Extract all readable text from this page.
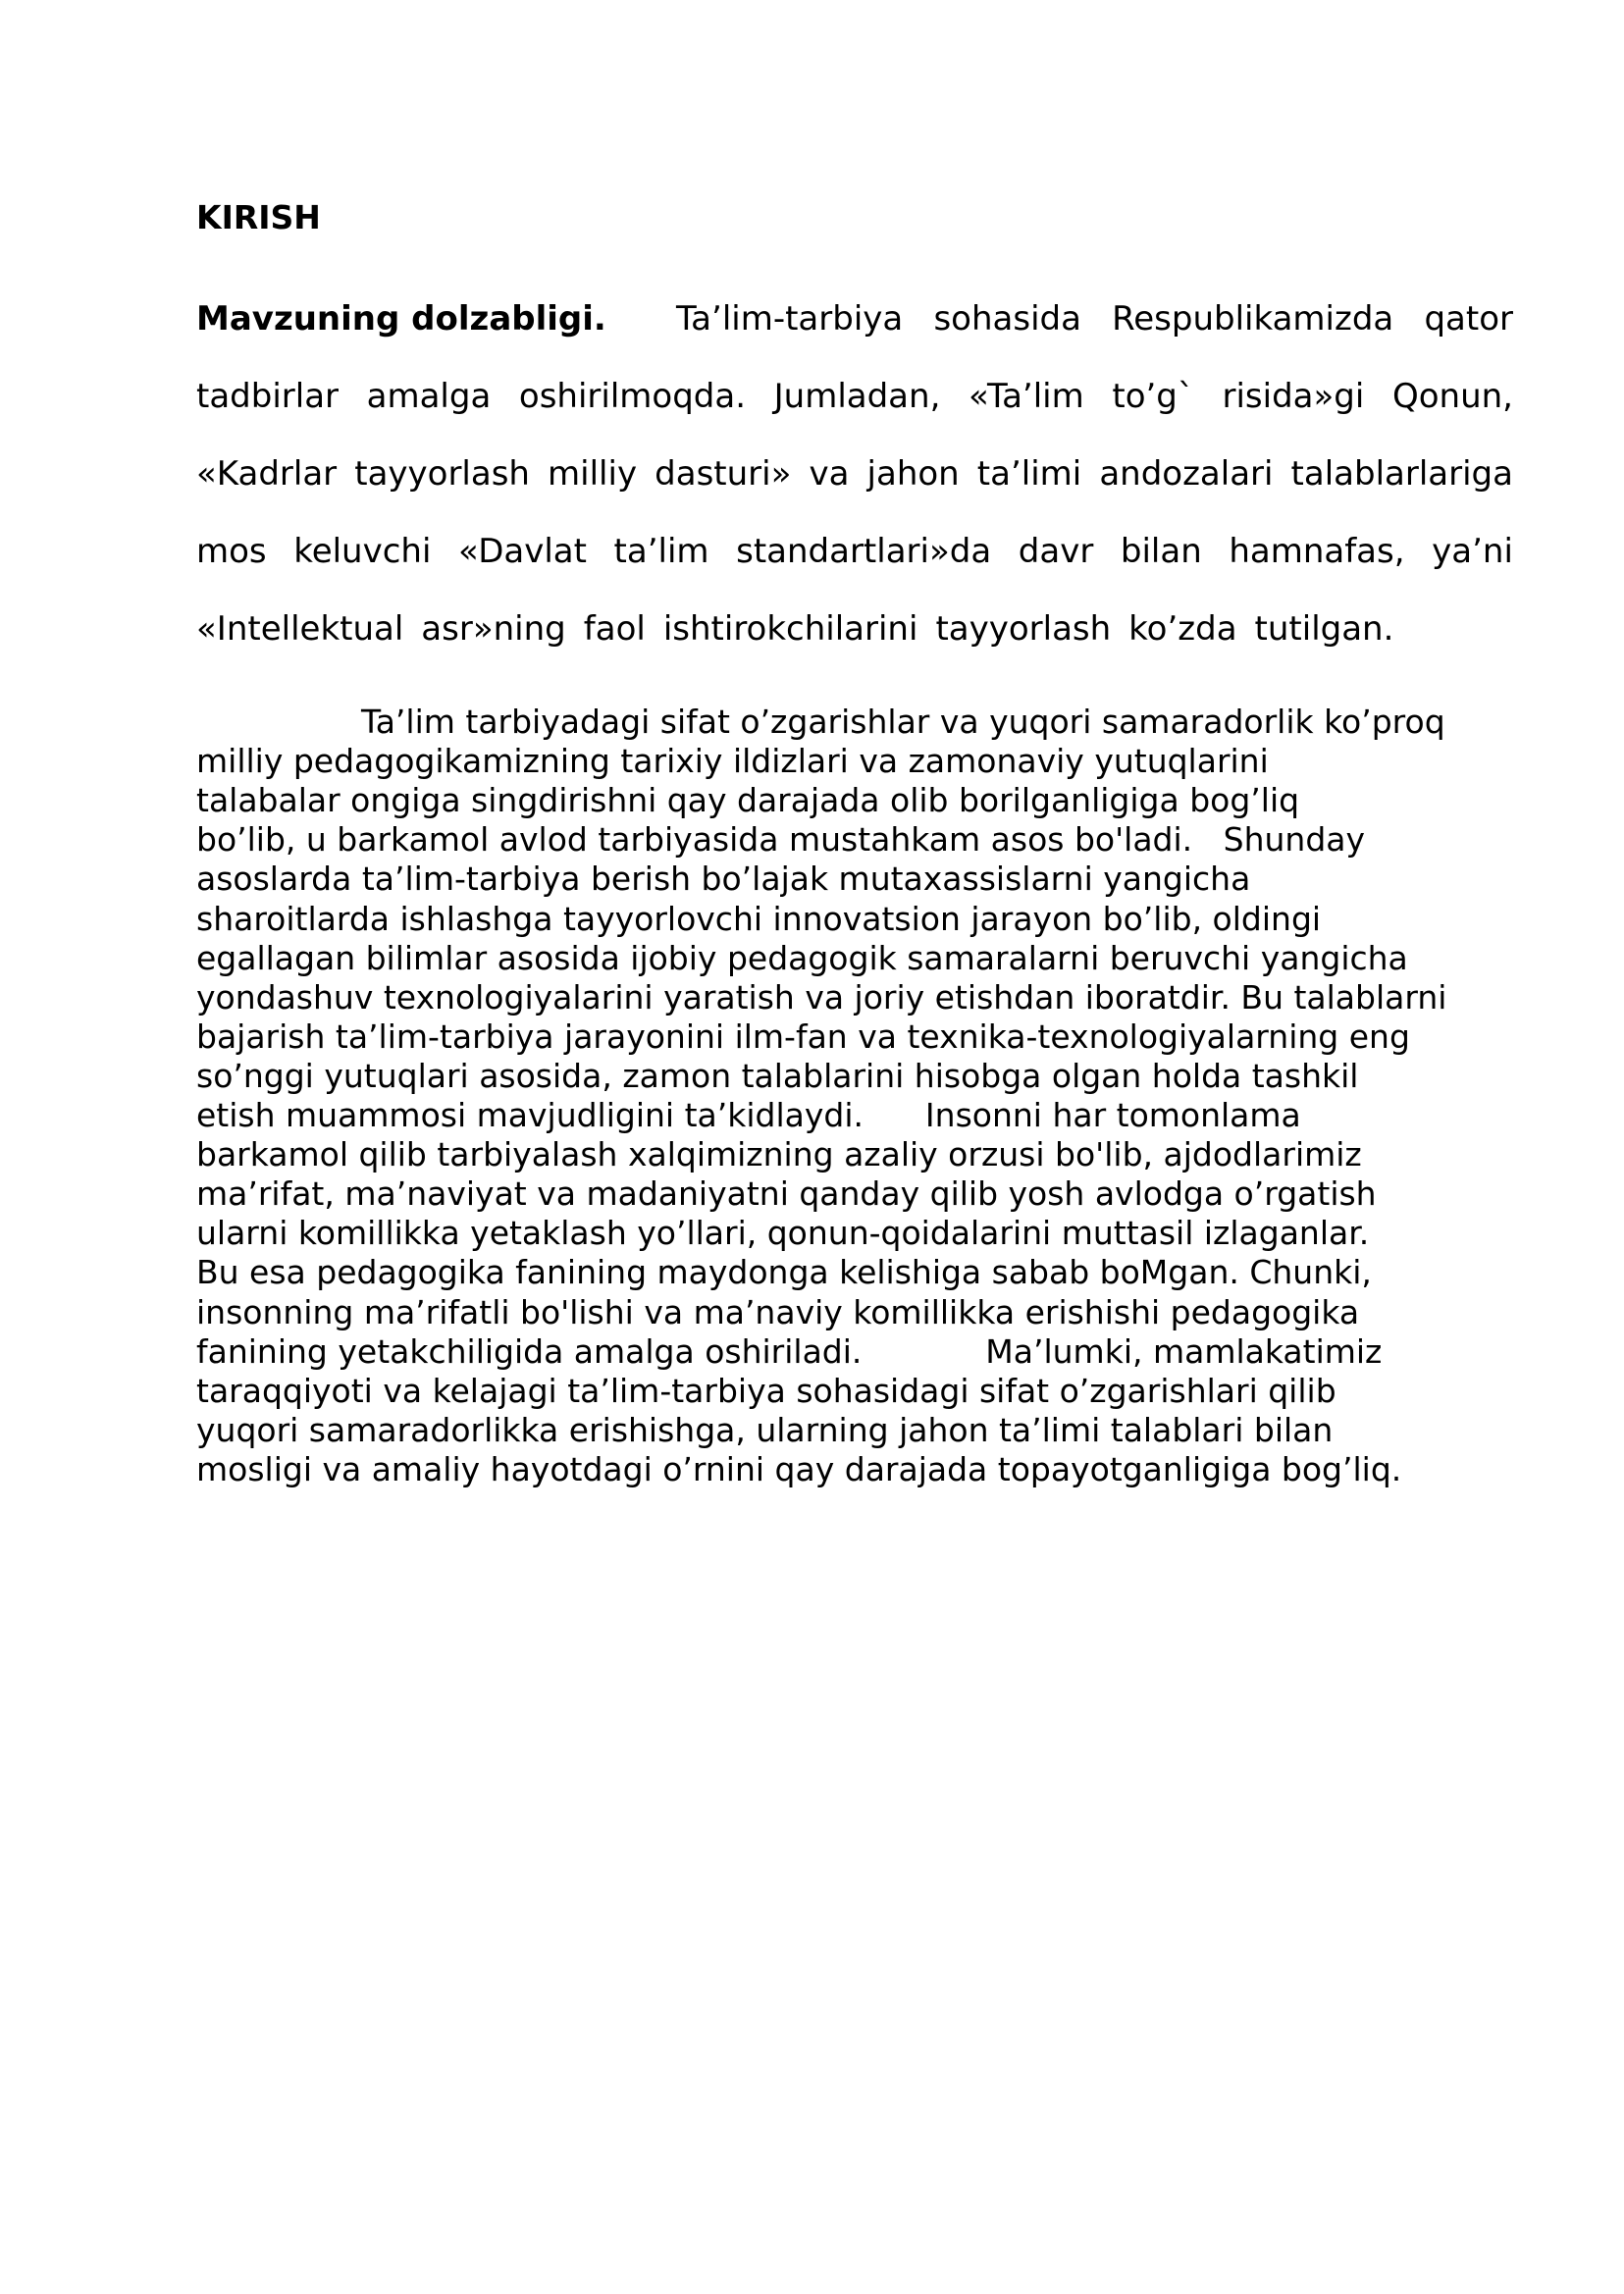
KIRISH
Mavzuning dolzabligi. Ta’lim-tarbiya sohasida Respublikamizda qator
tadbirlar amalga oshirilmoqda. Jumladan, «Ta’lim to’g` risida»gi Qonun,
«Kadrlar tayyorlash milliy dasturi» va jahon ta’limi andozalari talablarlariga
mos keluvchi «Davlat ta’lim standartlari»da davr bilan hamnafas, ya’ni
«Intellektual asr»ning faol ishtirokchilarini tayyorlash ko’zda tutilgan.
Ta’lim tarbiyadagi sifat o’zgarishlar va yuqori samaradorlik ko’proq
milliy pedagogikamizning tarixiy ildizlari va zamonaviy yutuqlarini
talabalar ongiga singdirishni qay darajada olib borilganligiga bog’liq
bo’lib, u barkamol avlod tarbiyasida mustahkam asos bo'ladi.   Shunday
asoslarda ta’lim-tarbiya berish bo’lajak mutaxassislarni yangicha
sharoitlarda ishlashga tayyorlovchi innovatsion jarayon bo’lib, oldingi
egallagan bilimlar asosida ijobiy pedagogik samaralarni beruvchi yangicha
yondashuv texnologiyalarini yaratish va joriy etishdan iboratdir. Bu talablarni
bajarish ta’lim-tarbiya jarayonini ilm-fan va texnika-texnologiyalarning eng
so’nggi yutuqlari asosida, zamon talablarini hisobga olgan holda tashkil
etish muammosi mavjudligini ta’kidlaydi.      Insonni har tomonlama
barkamol qilib tarbiyalash xalqimizning azaliy orzusi bo'lib, ajdodlarimiz
ma’rifat, ma’naviyat va madaniyatni qanday qilib yosh avlodga o’rgatish
ularni komillikka yetaklash yo’llari, qonun-qoidalarini muttasil izlaganlar.
Bu esa pedagogika fanining maydonga kelishiga sabab boMgan. Chunki,
insonning ma’rifatli bo'lishi va ma’naviy komillikka erishishi pedagogika
fanining yetakchiligida amalga oshiriladi.            Ma’lumki, mamlakatimiz
taraqqiyoti va kelajagi ta’lim-tarbiya sohasidagi sifat o’zgarishlari qilib
yuqori samaradorlikka erishishga, ularning jahon ta’limi talablari bilan
mosligi va amaliy hayotdagi o’rnini qay darajada topayotganligiga bog’liq.
